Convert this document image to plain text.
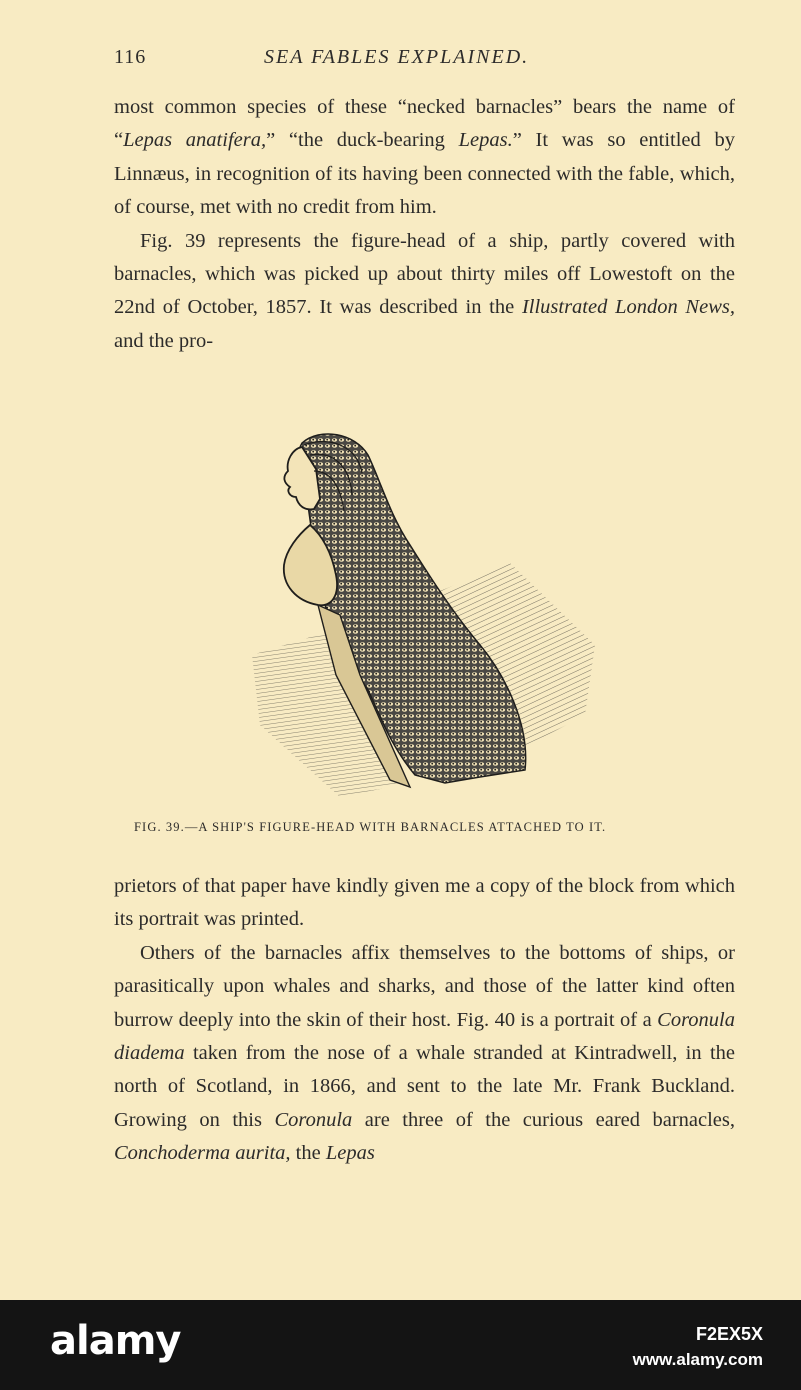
116	SEA FABLES EXPLAINED.

most common species of these “necked barnacles” bears the name of “Lepas anatifera,” “the duck-bearing Lepas.” It was so entitled by Linnæus, in recognition of its having been connected with the fable, which, of course, met with no credit from him.

Fig. 39 represents the figure-head of a ship, partly covered with barnacles, which was picked up about thirty miles off Lowestoft on the 22nd of October, 1857. It was described in the Illustrated London News, and the pro-

FIG. 39.—A SHIP'S FIGURE-HEAD WITH BARNACLES ATTACHED TO IT.

prietors of that paper have kindly given me a copy of the block from which its portrait was printed.

Others of the barnacles affix themselves to the bottoms of ships, or parasitically upon whales and sharks, and those of the latter kind often burrow deeply into the skin of their host. Fig. 40 is a portrait of a Coronula diadema taken from the nose of a whale stranded at Kintradwell, in the north of Scotland, in 1866, and sent to the late Mr. Frank Buckland. Growing on this Coronula are three of the curious eared barnacles, Conchoderma aurita, the Lepas

alamy	F2EX5X
www.alamy.com
